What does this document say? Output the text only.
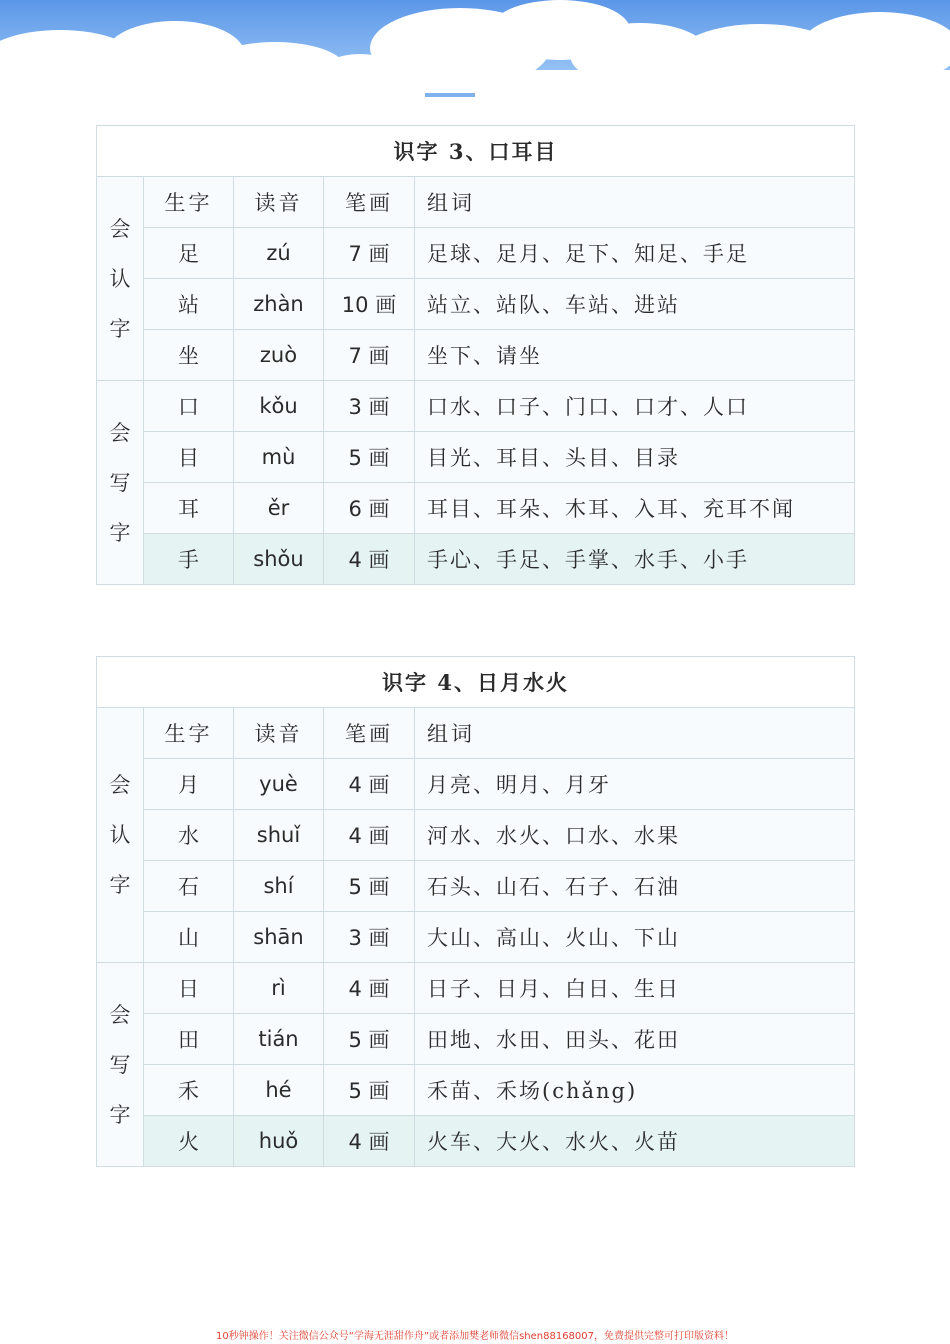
识字 3、口耳目				

会
认
字	生字	读音	笔画	组词
	足	zú	7 画	足球、足月、足下、知足、手足
	站	zhàn	10 画	站立、站队、车站、进站
	坐	zuò	7 画	坐下、请坐

会
写
字	口	kǒu	3 画	口水、口子、门口、口才、人口
	目	mù	5 画	目光、耳目、头目、目录
	耳	ěr	6 画	耳目、耳朵、木耳、入耳、充耳不闻
	手	shǒu	4 画	手心、手足、手掌、水手、小手
识字 4、日月水火				

会
认
字	生字	读音	笔画	组词
	月	yuè	4 画	月亮、明月、月牙
	水	shuǐ	4 画	河水、水火、口水、水果
	石	shí	5 画	石头、山石、石子、石油
	山	shān	3 画	大山、高山、火山、下山

会
写
字	日	rì	4 画	日子、日月、白日、生日
	田	tián	5 画	田地、水田、田头、花田
	禾	hé	5 画	禾苗、禾场(chǎng)
	火	huǒ	4 画	火车、大火、水火、火苗
10秒钟操作！关注微信公众号“学海无涯甜作舟”或者添加樊老师微信shen88168007，免费提供完整可打印版资料！
